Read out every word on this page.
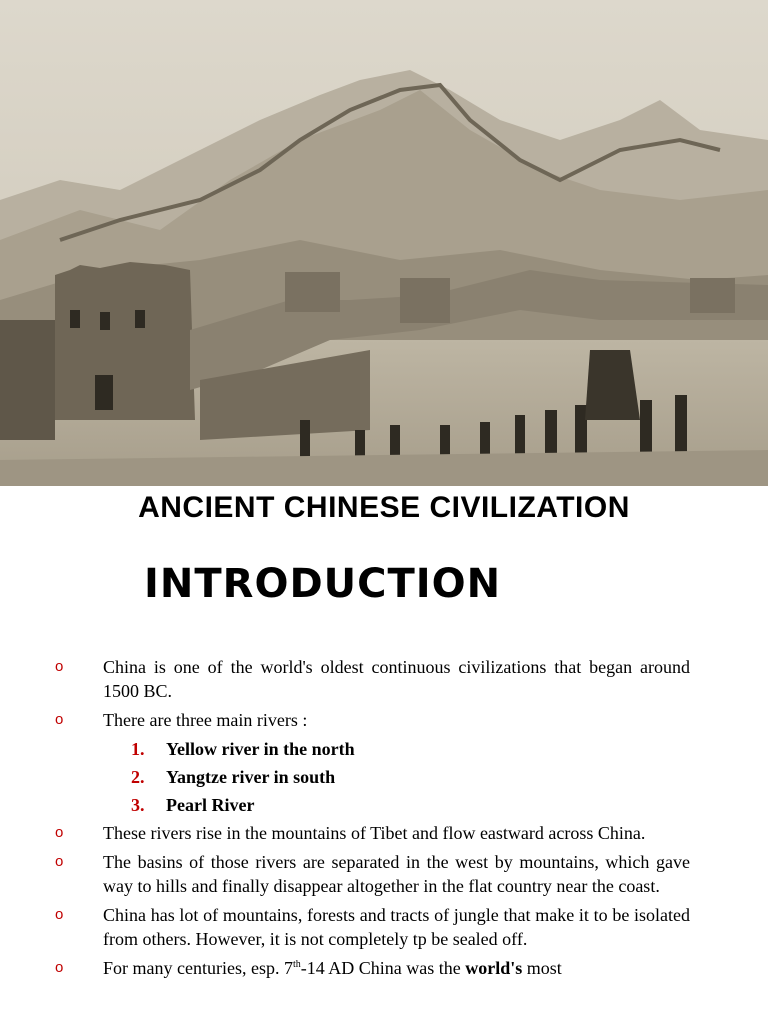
ANCIENT CHINESE CIVILIZATION
INTRODUCTION
o China is one of the world's oldest continuous civilizations that began around 1500 BC.
o There are three main rivers :
1. Yellow river in the north
2. Yangtze river in south
3. Pearl River
o These rivers rise in the mountains of Tibet and flow eastward across China.
o The basins of those rivers are separated in the west by mountains, which gave way to hills and finally disappear altogether in the flat country near the coast.
o China has lot of mountains, forests and tracts of jungle that make it to be isolated from others. However, it is not completely tp be sealed off.
o For many centuries, esp. 7th-14 AD China was the world's most
